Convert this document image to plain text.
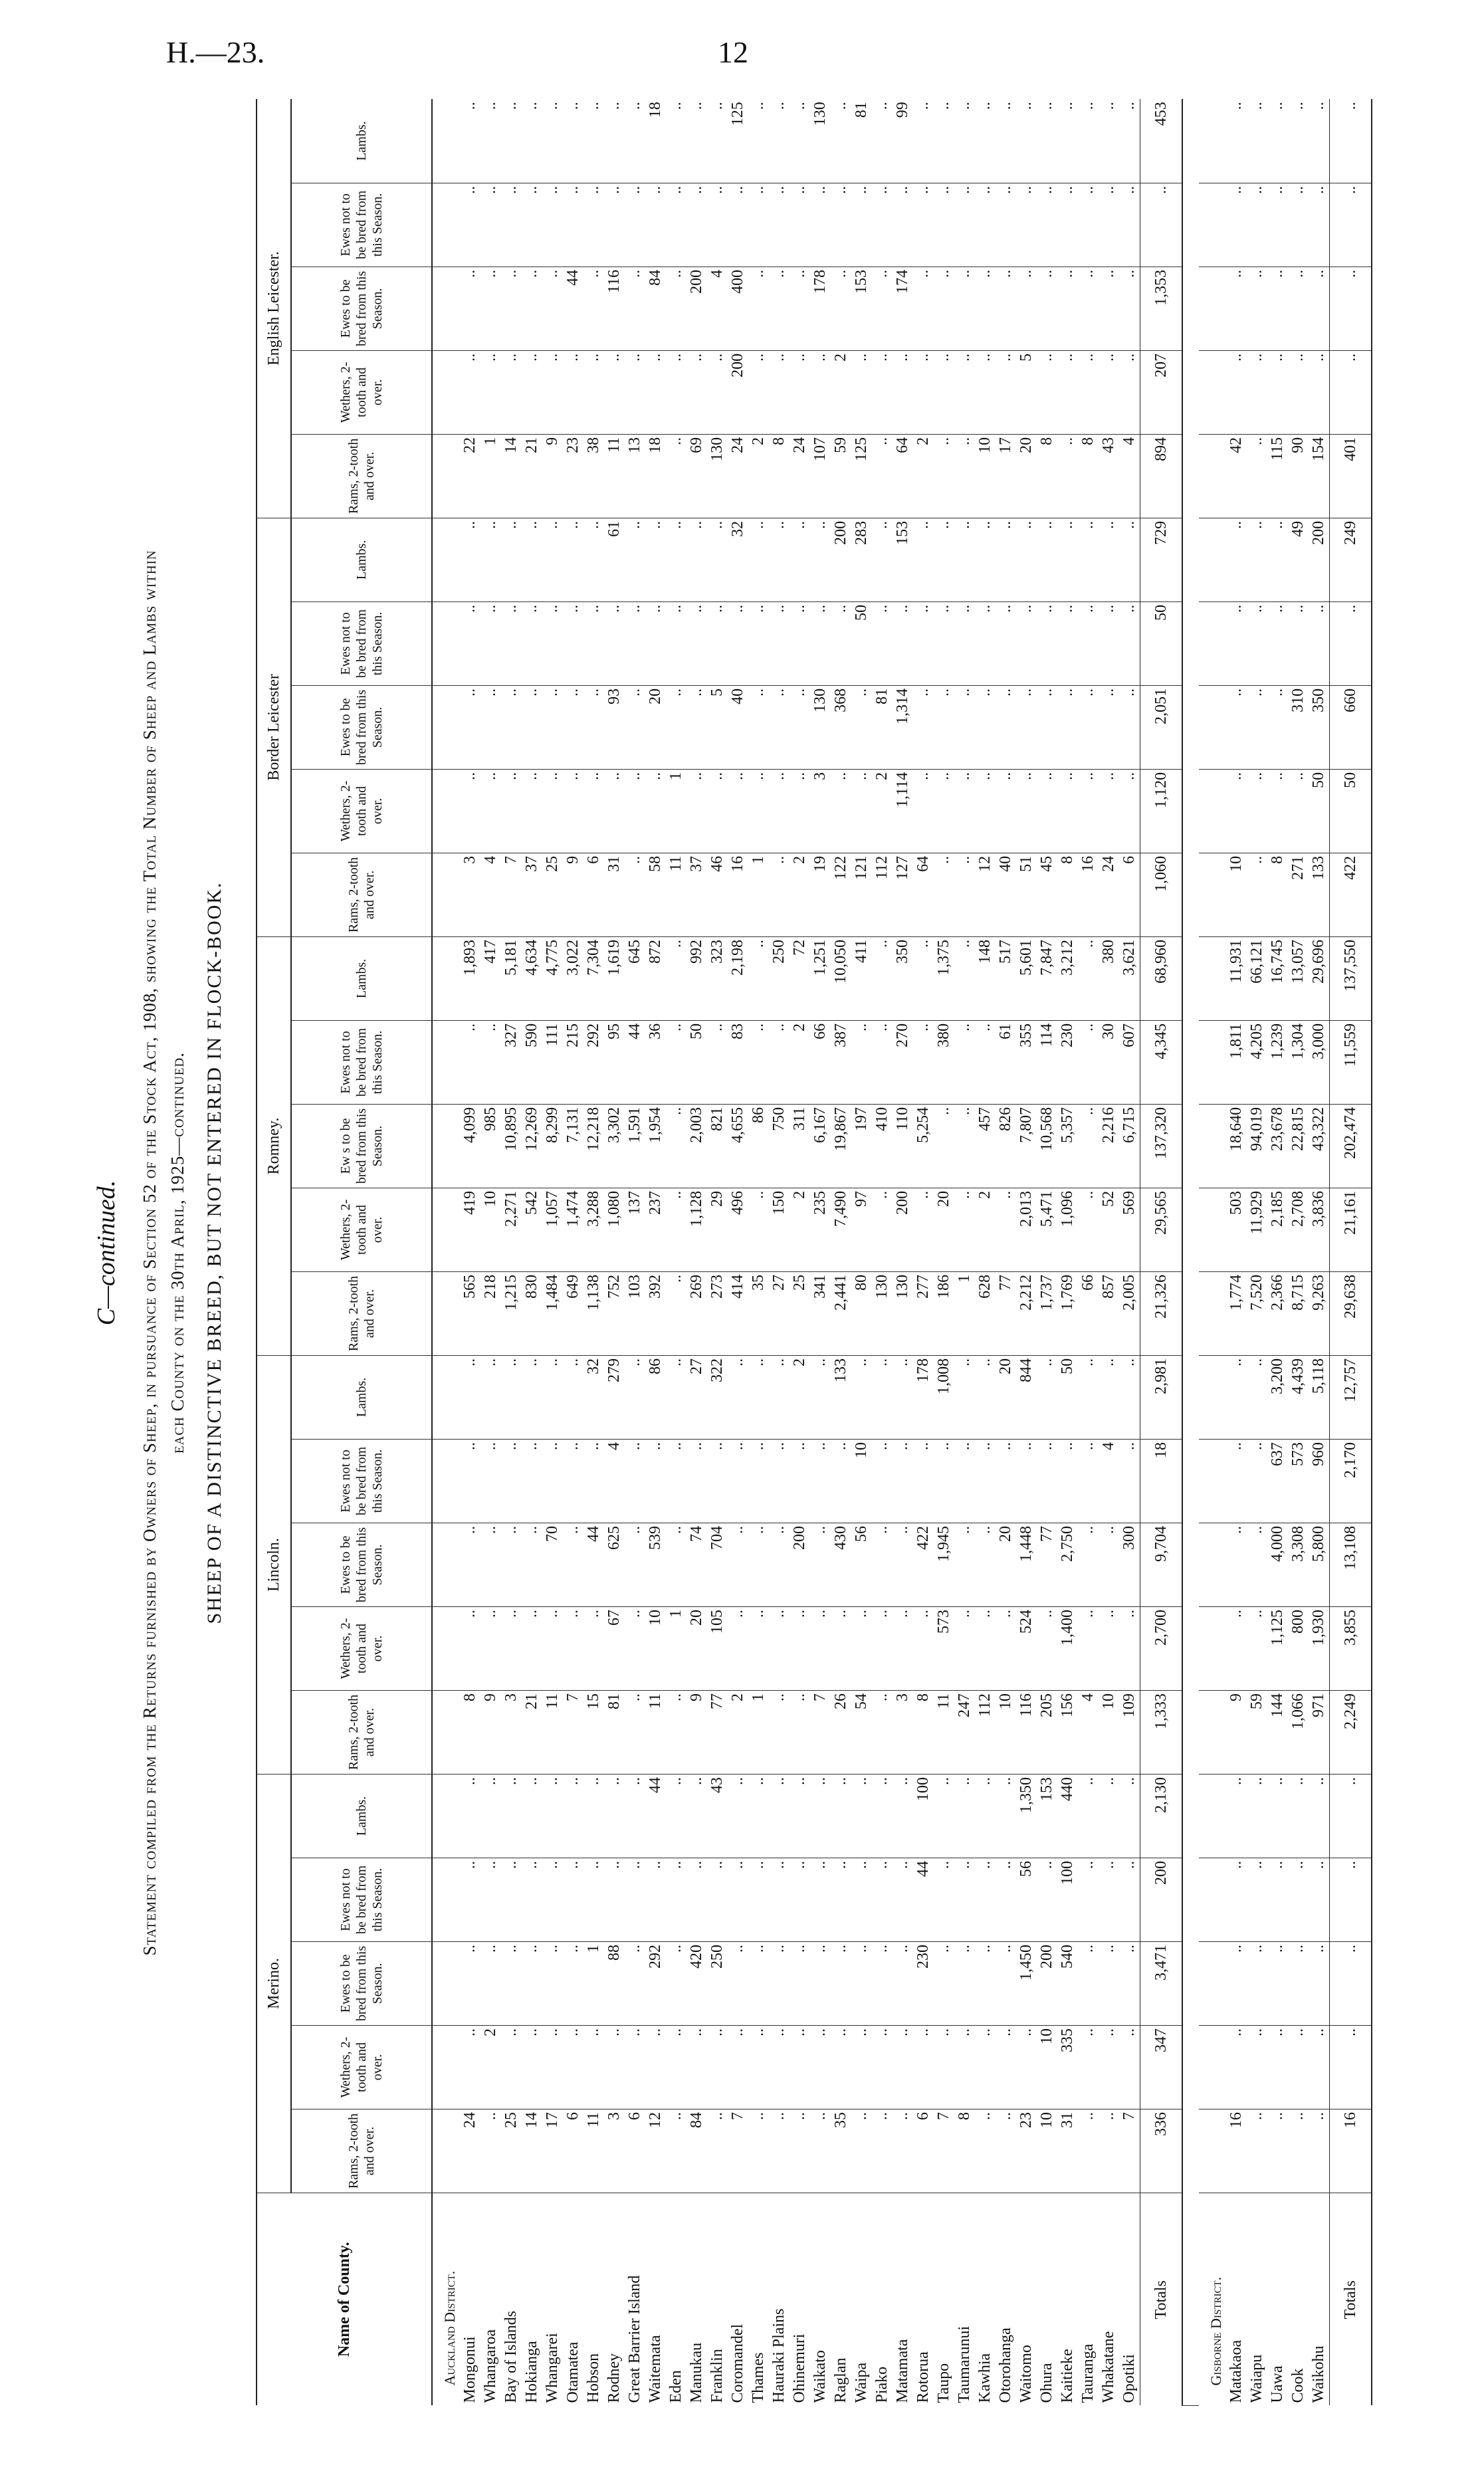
H.—23.	12
C—continued. Statement compiled from the Returns furnished by Owners of Sheep, in pursuance of Section 52 of the Stock Act, 1908, showing the Total Number of Sheep and Lambs within each County on the 30th April, 1925—continued. SHEEP OF A DISTINCTIVE BREED, BUT NOT ENTERED IN FLOCK-BOOK.
Name of County.	Merino.					Lincoln.					Romney.					Border Leicester					English Leicester.				
	Rams, 2-tooth and over.	Wethers, 2-tooth and over.	Ewes to be bred from this Season.	Ewes not to be bred from this Season.	Lambs.	Rams, 2-tooth and over.	Wethers, 2-tooth and over.	Ewes to be bred from this Season.	Ewes not to be bred from this Season.	Lambs.	Rams, 2-tooth and over.	Wethers, 2-tooth and over.	Ew s to be bred from this Season.	Ewes not to be bred from this Season.	Lambs.	Rams, 2-tooth and over.	Wethers, 2-tooth and over.	Ewes to be bred from this Season.	Ewes not to be bred from this Season.	Lambs.	Rams, 2-tooth and over.	Wethers, 2-tooth and over.	Ewes to be bred from this Season.	Ewes not to be bred from this Season.	Lambs.
Auckland District.																									
Mongonui	24	..	..	..	..	8	..	..	..	..	565	419	4,099	..	1,893	3	..	..	..	..	22	..	..	..	..
Whangaroa	..	2	..	..	..	9	..	..	..	..	218	10	985	..	417	4	..	..	..	..	1	..	..	..	..
Bay of Islands	25	..	..	..	..	3	..	..	..	..	1,215	2,271	10,895	327	5,181	7	..	..	..	..	14	..	..	..	..
Hokianga	14	..	..	..	..	21	..	..	..	..	830	542	12,269	590	4,634	37	..	..	..	..	21	..	..	..	..
Whangarei	17	..	..	..	..	11	..	70	..	..	1,484	1,057	8,299	111	4,775	25	..	..	..	..	9	..	..	..	..
Otamatea	6	..	..	..	..	7	..	..	..	..	649	1,474	7,131	215	3,022	9	..	..	..	..	23	..	44	..	..
Hobson	11	..	1	..	..	15	..	44	..	32	1,138	3,288	12,218	292	7,304	6	..	..	..	..	38	..	..	..	..
Rodney	3	..	88	..	..	81	67	625	4	279	752	1,080	3,302	95	1,619	31	..	93	..	61	11	..	116	..	..
Great Barrier Island	6	..	..	..	..	..	..	..	..	..	103	137	1,591	44	645	..	..	..	..	..	13	..	..	..	..
Waitemata	12	..	292	..	44	11	10	539	..	86	392	237	1,954	36	872	58	..	20	..	..	18	..	84	..	18
Eden	..	..	..	..	..	..	1	..	..	..	..	..	..	..	..	11	1	..	..	..	..	..	..	..	..
Manukau	84	..	420	..	..	9	20	74	..	27	269	1,128	2,003	50	992	37	..	..	..	..	69	..	200	..	..
Franklin	..	..	250	..	43	77	105	704	..	322	273	29	821	..	323	46	..	5	..	..	130	..	4	..	..
Coromandel	7	..	..	..	..	2	..	..	..	..	414	496	4,655	83	2,198	16	..	40	..	32	24	200	400	..	125
Thames	..	..	..	..	..	1	..	..	..	..	35	..	86	..	..	1	..	..	..	..	2	..	..	..	..
Hauraki Plains	..	..	..	..	..	..	..	..	..	..	27	150	750	..	250	..	..	..	..	..	8	..	..	..	..
Ohinemuri	..	..	..	..	..	..	..	200	..	2	25	2	311	2	72	2	..	..	..	..	24	..	..	..	..
Waikato	..	..	..	..	..	7	..	..	..	..	341	235	6,167	66	1,251	19	3	130	..	..	107	..	178	..	130
Raglan	35	..	..	..	..	26	..	430	..	133	2,441	7,490	19,867	387	10,050	122	..	368	..	200	59	2	..	..	..
Waipa	..	..	..	..	..	54	..	56	10	..	80	97	197	..	411	121	..	..	50	283	125	..	153	..	81
Piako	..	..	..	..	..	..	..	..	..	..	130	..	410	..	..	112	2	81	..	..	..	..	..	..	..
Matamata	..	..	..	..	..	3	..	..	..	..	130	200	110	270	350	127	1,114	1,314	..	153	64	..	174	..	99
Rotorua	6	..	230	44	100	8	..	422	..	178	277	..	5,254	..	..	64	..	..	..	..	2	..	..	..	..
Taupo	7	..	..	..	..	11	573	1,945	..	1,008	186	20	..	380	1,375	..	..	..	..	..	..	..	..	..	..
Taumarunui	8	..	..	..	..	247	..	..	..	..	1	..	..	..	..	..	..	..	..	..	..	..	..	..	..
Kawhia	..	..	..	..	..	112	..	..	..	..	628	2	457	..	148	12	..	..	..	..	10	..	..	..	..
Otorohanga	..	..	..	..	..	10	..	20	..	20	77	..	826	61	517	40	..	..	..	..	17	..	..	..	..
Waitomo	23	..	1,450	56	1,350	116	524	1,448	..	844	2,212	2,013	7,807	355	5,601	51	..	..	..	..	20	5	..	..	..
Ohura	10	10	200	..	153	205	..	77	..	..	1,737	5,471	10,568	114	7,847	45	..	..	..	..	8	..	..	..	..
Kaitieke	31	335	540	100	440	156	1,400	2,750	..	50	1,769	1,096	5,357	230	3,212	8	..	..	..	..	..	..	..	..	..
Tauranga	..	..	..	..	..	4	..	..	..	..	66	..	..	..	..	16	..	..	..	..	8	..	..	..	..
Whakatane	..	..	..	..	..	10	..	..	4	..	857	52	2,216	30	380	24	..	..	..	..	43	..	..	..	..
Opotiki	7	..	..	..	..	109	..	300	..	..	2,005	569	6,715	607	3,621	6	..	..	..	..	4	..	..	..	..
Totals	336	347	3,471	200	2,130	1,333	2,700	9,704	18	2,981	21,326	29,565	137,320	4,345	68,960	1,060	1,120	2,051	50	729	894	207	1,353	..	453

Gisborne District.																									
Matakaoa	16	..	..	..	..	9	..	..	..	..	1,774	503	18,640	1,811	11,931	10	..	..	..	..	42	..	..	..	..
Waiapu	..	..	..	..	..	59	..	..	..	..	7,520	11,929	94,019	4,205	66,121	..	..	..	..	..	..	..	..	..	..
Uawa	..	..	..	..	..	144	1,125	4,000	637	3,200	2,366	2,185	23,678	1,239	16,745	8	..	..	..	..	115	..	..	..	..
Cook	..	..	..	..	..	1,066	800	3,308	573	4,439	8,715	2,708	22,815	1,304	13,057	271	..	310	..	49	90	..	..	..	..
Waikohu	..	..	..	..	..	971	1,930	5,800	960	5,118	9,263	3,836	43,322	3,000	29,696	133	50	350	..	200	154	..	..	..	..
Totals	16	..	..	..	..	2,249	3,855	13,108	2,170	12,757	29,638	21,161	202,474	11,559	137,550	422	50	660	..	249	401	..	..	..	..
